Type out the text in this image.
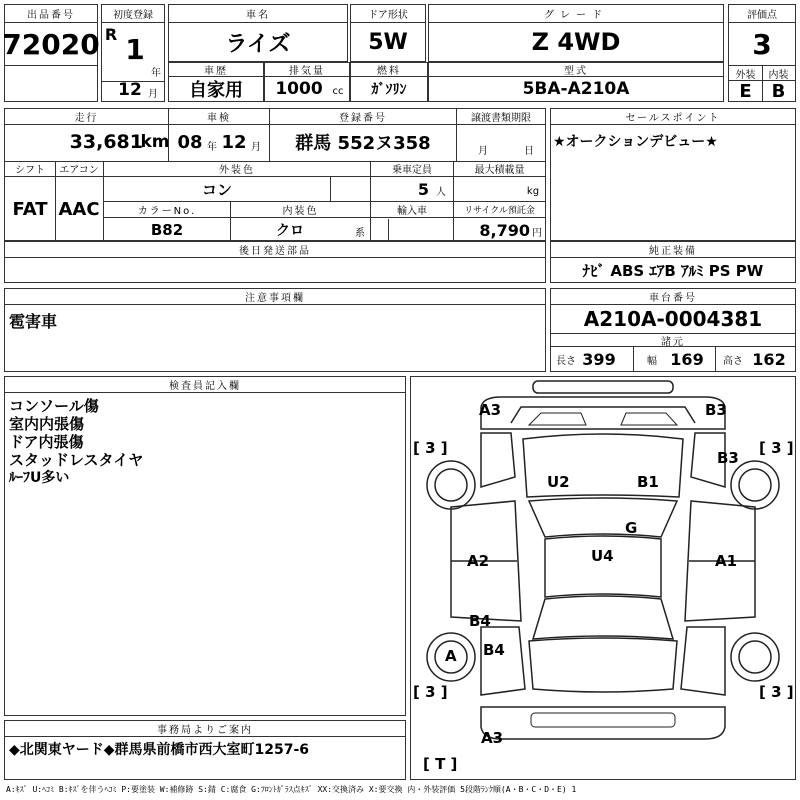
出品番号
72020
初度登録
R 1
年
12 月
車名
ライズ
ドア形状
5W
グレード
Z 4WD
評価点
3
外装	内装
E	B
車歴
自家用
排気量
1000 cc
燃料
ｶﾞｿﾘﾝ
型式
5BA-A210A
走行
33,681
km
車検
08 年 12 月
登録番号
群馬 552ヌ358
譲渡書類期限
月	日
シフト	エアコン
FAT AAC
外装色
コン
乗車定員
5 人
最大積載量
kg
カラーNo.	内装色	輸入車	リサイクル預託金
B82	クロ	系	8,790 円
セールスポイント
★オークションデビュー★
後日発送部品	純正装備
ﾅﾋﾞ ABS ｴｱB ｱﾙﾐ PS PW
注意事項欄
雹害車
車台番号
A210A-0004381
諸元
長さ 399	幅 169	高さ 162
検査員記入欄
コンソール傷
室内内張傷
ドア内張傷
スタッドレスタイヤ
ﾙｰﾌU多い
A3	B3
B3
U2	B1
G
U4
A2	A1
B4
B4
A
A3
[ 3 ]	[ 3 ]
[ 3 ]	[ 3 ]
[ T ]
事務局よりご案内
◆北関東ヤード◆群馬県前橋市西大室町1257-6
A:ｷｽﾞ U:ﾍｺﾐ B:ｷｽﾞを伴うﾍｺﾐ P:要塗装 W:補修跡 S:錆 C:腐食 G:ﾌﾛﾝﾄｶﾞﾗｽ点ｷｽﾞ XX:交換済み X:要交換 内・外装評価 5段階ﾗﾝｸ順(A・B・C・D・E) 1
